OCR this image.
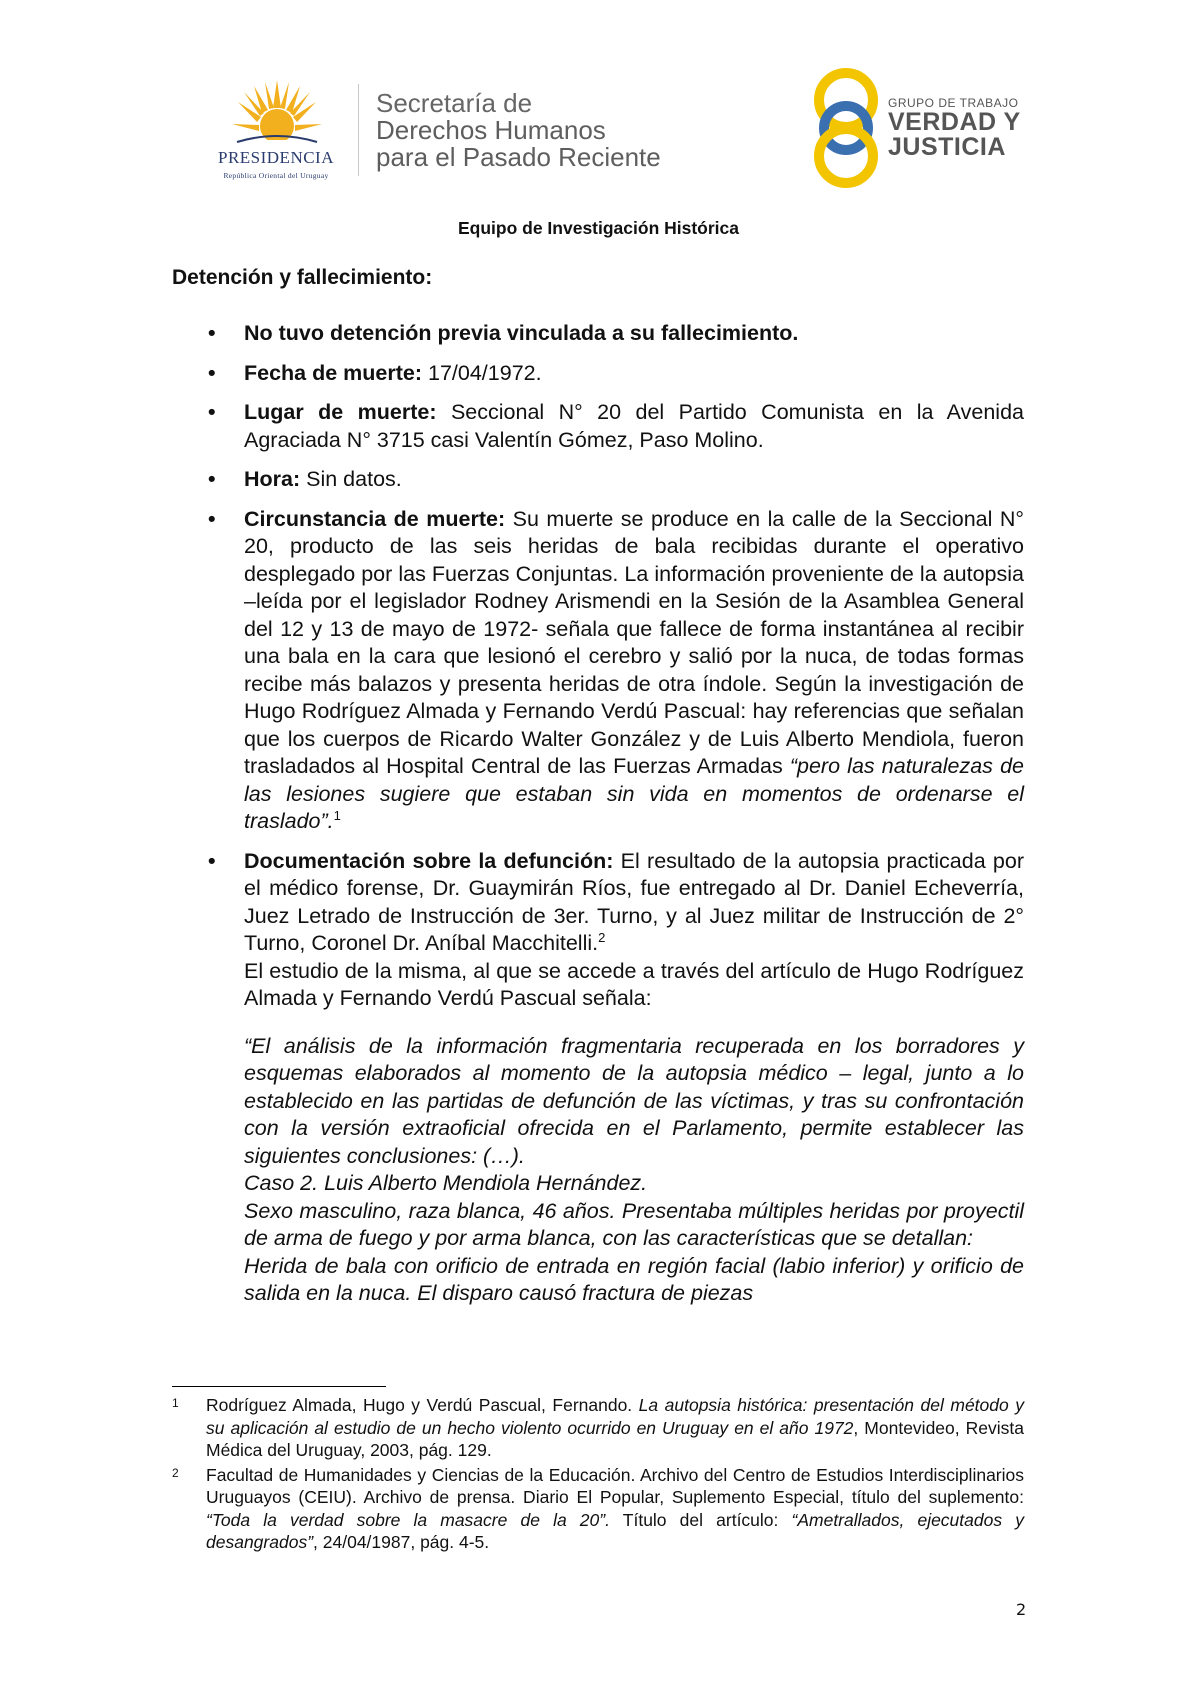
PRESIDENCIA
República Oriental del Uruguay
Secretaría de
Derechos Humanos
para el Pasado Reciente
GRUPO DE TRABAJO
VERDAD Y
JUSTICIA
Equipo de Investigación Histórica
Detención y fallecimiento:
• No tuvo detención previa vinculada a su fallecimiento.

• Fecha de muerte: 17/04/1972.

• Lugar de muerte: Seccional N° 20 del Partido Comunista en la Avenida Agraciada N° 3715 casi Valentín Gómez, Paso Molino.

• Hora: Sin datos.

• Circunstancia de muerte: Su muerte se produce en la calle de la Seccional N° 20, producto de las seis heridas de bala recibidas durante el operativo desplegado por las Fuerzas Conjuntas. La información proveniente de la autopsia –leída por el legislador Rodney Arismendi en la Sesión de la Asamblea General del 12 y 13 de mayo de 1972- señala que fallece de forma instantánea al recibir una bala en la cara que lesionó el cerebro y salió por la nuca, de todas formas recibe más balazos y presenta heridas de otra índole. Según la investigación de Hugo Rodríguez Almada y Fernando Verdú Pascual: hay referencias que señalan que los cuerpos de Ricardo Walter González y de Luis Alberto Mendiola, fueron trasladados al Hospital Central de las Fuerzas Armadas “pero las naturalezas de las lesiones sugiere que estaban sin vida en momentos de ordenarse el traslado”.$^1$

• Documentación sobre la defunción: El resultado de la autopsia practicada por el médico forense, Dr. Guaymirán Ríos, fue entregado al Dr. Daniel Echeverría, Juez Letrado de Instrucción de 3er. Turno, y al Juez militar de Instrucción de 2° Turno, Coronel Dr. Aníbal Macchitelli.$^2$

El estudio de la misma, al que se accede a través del artículo de Hugo Rodríguez Almada y Fernando Verdú Pascual señala:

“El análisis de la información fragmentaria recuperada en los borradores y esquemas elaborados al momento de la autopsia médico – legal, junto a lo establecido en las partidas de defunción de las víctimas, y tras su confrontación con la versión extraoficial ofrecida en el Parlamento, permite establecer las siguientes conclusiones: (…).
Caso 2. Luis Alberto Mendiola Hernández.
Sexo masculino, raza blanca, 46 años. Presentaba múltiples heridas por proyectil de arma de fuego y por arma blanca, con las características que se detallan:
Herida de bala con orificio de entrada en región facial (labio inferior) y orificio de salida en la nuca. El disparo causó fractura de piezas
1 Rodríguez Almada, Hugo y Verdú Pascual, Fernando. La autopsia histórica: presentación del método y su aplicación al estudio de un hecho violento ocurrido en Uruguay en el año 1972, Montevideo, Revista Médica del Uruguay, 2003, pág. 129.
2 Facultad de Humanidades y Ciencias de la Educación. Archivo del Centro de Estudios Interdisciplinarios Uruguayos (CEIU). Archivo de prensa. Diario El Popular, Suplemento Especial, título del suplemento: “Toda la verdad sobre la masacre de la 20”. Título del artículo: “Ametrallados, ejecutados y desangrados”, 24/04/1987, pág. 4-5.
2
